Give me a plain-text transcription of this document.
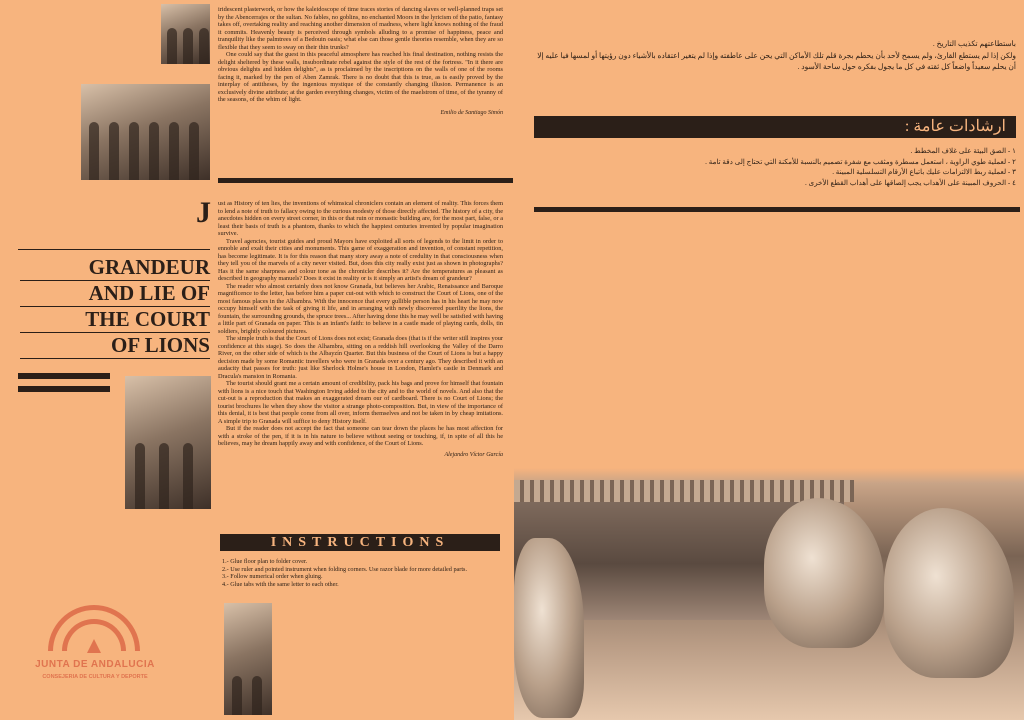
iridescent plasterwork, or how the kaleidoscope of time traces stories of dancing slaves or well-planned traps set by the Abencerrajes or the sultan. No fables, no goblins, no enchanted Moors in the lyricism of the patio, fantasy takes off, overtaking reality and reaching another dimension of madness, where light knows nothing of the fraud it commits. Heavenly beauty is perceived through symbols alluding to a promise of happiness, peace and tranquility like the palmtrees of a Bedouin oasis; what else can those gentle theories resemble, when they are so flexible that they seem to sway on their thin trunks?

One could say that the guest in this peaceful atmosphere has reached his final destination, nothing resists the delight sheltered by these walls, insubordinate rebel against the style of the rest of the fortress. "In it there are obvious delights and hidden delights", as is proclaimed by the inscriptions on the walls of one of the rooms facing it, marked by the pen of Aben Zamrak. There is no doubt that this is true, as is easily proved by the interplay of antitheses, by the ingenious mystique of the constantly changing illusion. Permanence is an exclusively divine attribute; at the garden everything changes, victim of the maelstrom of time, of the tyranny of the seasons, of the whim of light.

Emilio de Santiago Simón

J
GRANDEUR
AND LIE OF
THE COURT
OF LIONS

ust as History of ten lies, the inventions of whimsical chroniclers contain an element of reality. This forces them to lend a note of truth to fallacy owing to the curious modesty of those directly affected. The history of a city, the anecdotes hidden on every street corner, in this or that ruin or monastic building are, for the most part, false, or a least their basis of truth is a phantom, thanks to which the happiest centuries invented by popular imagination survive.

Travel agencies, tourist guides and proud Mayors have exploited all sorts of legends to the limit in order to ennoble and exalt their cities and monuments. This game of exaggeration and invention, of constant repetition, has become legitimate. It is for this reason that many story away a note of credulity in that consciousness when they tell you of the marvels of a city never visited. But, does this city really exist just as shown in photographs? Has it the same sharpness and colour tone as the chronicler describes it? Are the temperatures as pleasant as described in geography manuels? Does it exist in reality or is it simply an artist's dream of grandeur?

The reader who almost certainly does not know Granada, but believes her Arabic, Renaissance and Baroque magnificence to the letter, has before him a paper cut-out with which to construct the Court of Lions, one of the most famous places in the Alhambra. With the innocence that every gullible person has in his heart he may now occupy himself with the task of giving it life, and in arranging with newly discovered puerility the lions, the fountain, the surrounding grounds, the spruce trees... After having done this he may well be satisfied with having a little part of Granada on paper. This is an infant's faith: to believe in a castle made of playing cards, dolls, tin soldiers, brightly coloured pictures.

The simple truth is that the Court of Lions does not exist; Granada does (that is if the writer still inspires your confidence at this stage). So does the Alhambra, sitting on a reddish hill overlooking the Valley of the Darro River, on the other side of which is the Albayzín Quarter. But this business of the Court of Lions is but a happy decision made by some Romantic travellers who were in Granada over a century ago. They described it with an audacity that passes for truth: just like Sherlock Holme's house in London, Hamlet's castle in Denmark and Dracula's mansion in Romania.

The tourist should grant me a certain amount of credibility, pack his bags and prove for himself that fountain with lions is a nice touch that Washington Irving added to the city and to the world of novels. And also that the cut-out is a reproduction that makes an exaggerated dream our of cardboard. There is no Court of Lions; the tourist brochures lie when they show the visitor a strange photo-composition. But, in view of the importance of this denial, it is best that people come from all over, inform themselves and not be taken in by cheap imitations. A simple trip to Granada will suffice to deny History itself.

But if the reader does not accept the fact that someone can tear down the places he has most affection for with a stroke of the pen, if it is in his nature to believe without seeing or touching, if, in spite of all this he believes, may he dream happily away and with confidence, of the Court of Lions.

Alejandro Víctor García

INSTRUCTIONS
1.- Glue floor plan to folder cover.
2.- Use ruler and pointed instrument when folding corners. Use razor blade for more detailed parts.
3.- Follow numerical order when gluing.
4.- Glue tabs with the same letter to each other.
باستطاعتهم تكذيب التاريخ .
ولكن إذا لم يستطع القارئ، ولم يسمح لأحد بأن يحطم بجرة قلم تلك الأماكن التي يحن على عاطفته وإذا لم يتغير اعتقاده بالأشياء دون رؤيتها أو لمسها فيا عليه إلا أن يحلم سعيداً واضعاً كل ثقته في كل ما يجول بفكره حول ساحة الأسود .
ارشادات عامة :
١ - الصق البيئة على غلاف المخطط .
٢ - لعملية طوي الزاوية ، استعمل مسطرة ومثقب مع شفرة تصميم بالنسبة للأمكنة التي تحتاج إلى دقة تامة .
٣ - لعملية ربط الالتزامات عليك باتباع الأرقام التسلسلية المبينة .
٤ - الحروف المبينة على الأهداب يجب إلصاقها على أهداب القطع الأخرى .
JUNTA DE ANDALUCIA
CONSEJERIA DE CULTURA Y DEPORTE
